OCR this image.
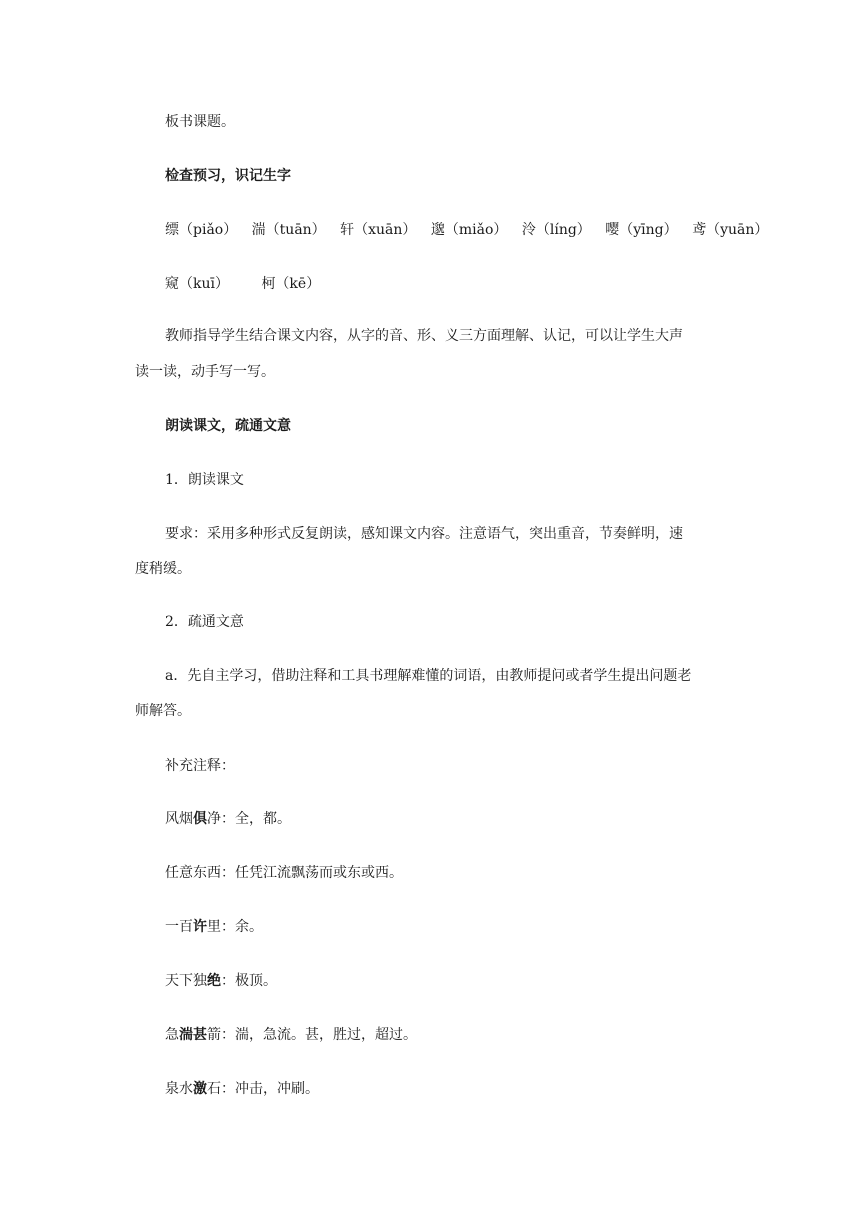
板书课题。
检查预习，识记生字
缥（piǎo） 湍（tuān） 轩（xuān） 邈（miǎo） 泠（líng） 嘤（yīng） 鸢（yuān）
窥（kuī） 柯（kē）
教师指导学生结合课文内容，从字的音、形、义三方面理解、认记，可以让学生大声
读一读，动手写一写。
朗读课文，疏通文意
1．朗读课文
要求：采用多种形式反复朗读，感知课文内容。注意语气，突出重音，节奏鲜明，速
度稍缓。
2．疏通文意
a．先自主学习，借助注释和工具书理解难懂的词语，由教师提问或者学生提出问题老
师解答。
补充注释：
风烟俱净：全，都。
任意东西：任凭江流飘荡而或东或西。
一百许里：余。
天下独绝：极顶。
急湍甚箭：湍，急流。甚，胜过，超过。
泉水激石：冲击，冲刷。
